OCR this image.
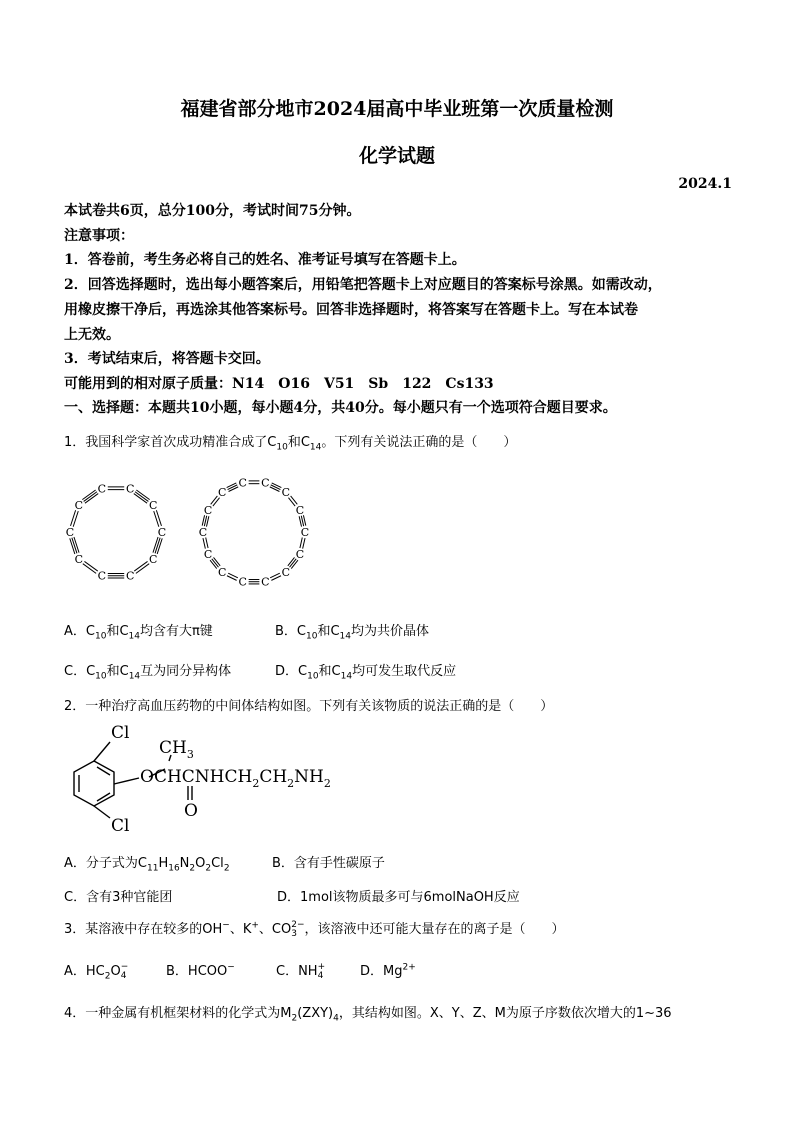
福建省部分地市2024届高中毕业班第一次质量检测
化学试题
2024.1
本试卷共6页，总分100分，考试时间75分钟。
注意事项：
1．答卷前，考生务必将自己的姓名、准考证号填写在答题卡上。
2．回答选择题时，选出每小题答案后，用铅笔把答题卡上对应题目的答案标号涂黑。如需改动，
用橡皮擦干净后，再选涂其他答案标号。回答非选择题时，将答案写在答题卡上。写在本试卷
上无效。
3．考试结束后，将答题卡交回。
可能用到的相对原子质量：N14　O16　V51　Sb　122　Cs133
一、选择题：本题共10小题，每小题4分，共40分。每小题只有一个选项符合题目要求。
1．我国科学家首次成功精准合成了$C_{10}$和$C_{14}$。下列有关说法正确的是（　　）
C
C
C
C
C
C
C
C
C
C	C
C
C
C
C
C
C
C
C
C
C
C
C
C
A．$C_{10}$和$C_{14}$均含有大π键	B．$C_{10}$和$C_{14}$均为共价晶体
C．$C_{10}$和$C_{14}$互为同分异构体	D．$C_{10}$和$C_{14}$均可发生取代反应
2．一种治疗高血压药物的中间体结构如图。下列有关该物质的说法正确的是（　　）
Cl
Cl
$CH_3$
$OCHCNHCH_2CH_2NH_2$
O
A．分子式为$C_{11}H_{16}N_2O_2Cl_2$	B．含有手性碳原子
C．含有3种官能团	D．1mol该物质最多可与6molNaOH反应
3．某溶液中存在较多的OH−、K+、CO 2−
3 ，该溶液中还可能大量存在的离子是（　　）
A．$HC_2O$ −
4	B．HCOO−	C．NH +
4	D．$Mg^{2+}$
4．一种金属有机框架材料的化学式为$M_2(ZXY)_4$，其结构如图。X、Y、Z、M为原子序数依次增大的1~36
